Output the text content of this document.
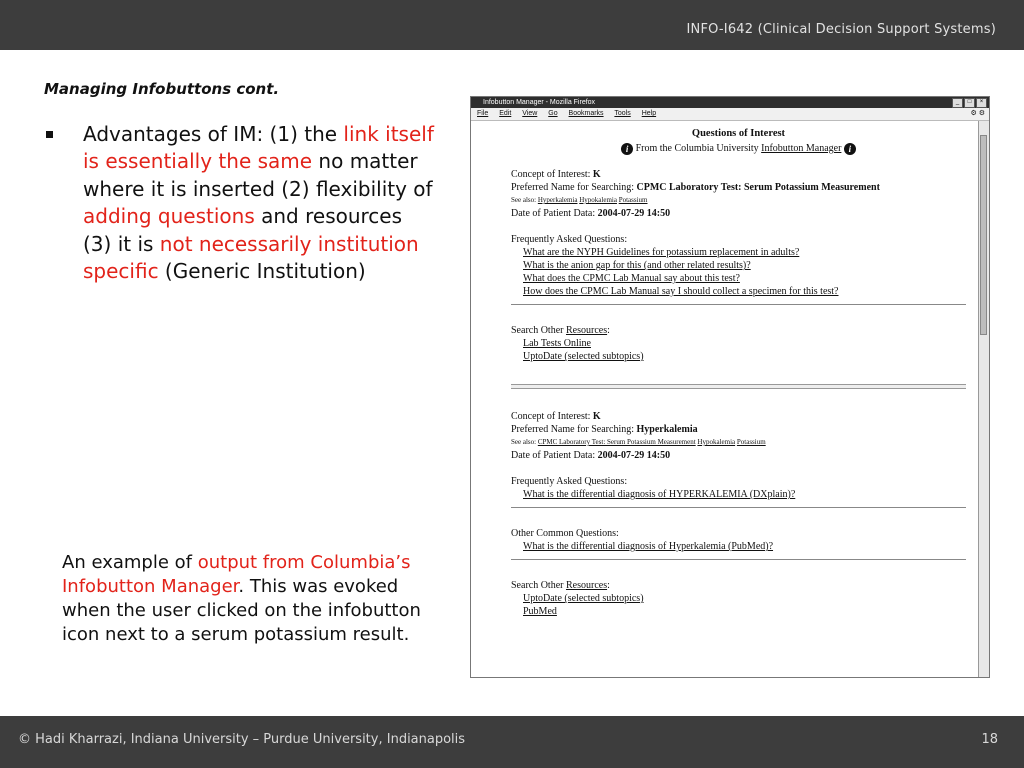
INFO-I642 (Clinical Decision Support Systems)
Managing Infobuttons cont.
Advantages of IM: (1) the link itself is essentially the same no matter where it is inserted (2) flexibility of adding questions and resources (3) it is not necessarily institution specific (Generic Institution)
An example of output from Columbia’s Infobutton Manager. This was evoked when the user clicked on the infobutton icon next to a serum potassium result.
Infobutton Manager - Mozilla Firefox	_	□	×
File Edit View Go Bookmarks Tools Help	⚙ ⚙
Questions of Interest
i From the Columbia University Infobutton Manager i
Concept of Interest: K
Preferred Name for Searching: CPMC Laboratory Test: Serum Potassium Measurement
See also: Hyperkalemia Hypokalemia Potassium
Date of Patient Data: 2004-07-29 14:50
Frequently Asked Questions:
What are the NYPH Guidelines for potassium replacement in adults?
What is the anion gap for this (and other related results)?
What does the CPMC Lab Manual say about this test?
How does the CPMC Lab Manual say I should collect a specimen for this test?
Search Other Resources:
Lab Tests Online
UptoDate (selected subtopics)
Concept of Interest: K
Preferred Name for Searching: Hyperkalemia
See also: CPMC Laboratory Test: Serum Potassium Measurement Hypokalemia Potassium
Date of Patient Data: 2004-07-29 14:50
Frequently Asked Questions:
What is the differential diagnosis of HYPERKALEMIA (DXplain)?
Other Common Questions:
What is the differential diagnosis of Hyperkalemia (PubMed)?
Search Other Resources:
UptoDate (selected subtopics)
PubMed
© Hadi Kharrazi, Indiana University – Purdue University, Indianapolis	18
